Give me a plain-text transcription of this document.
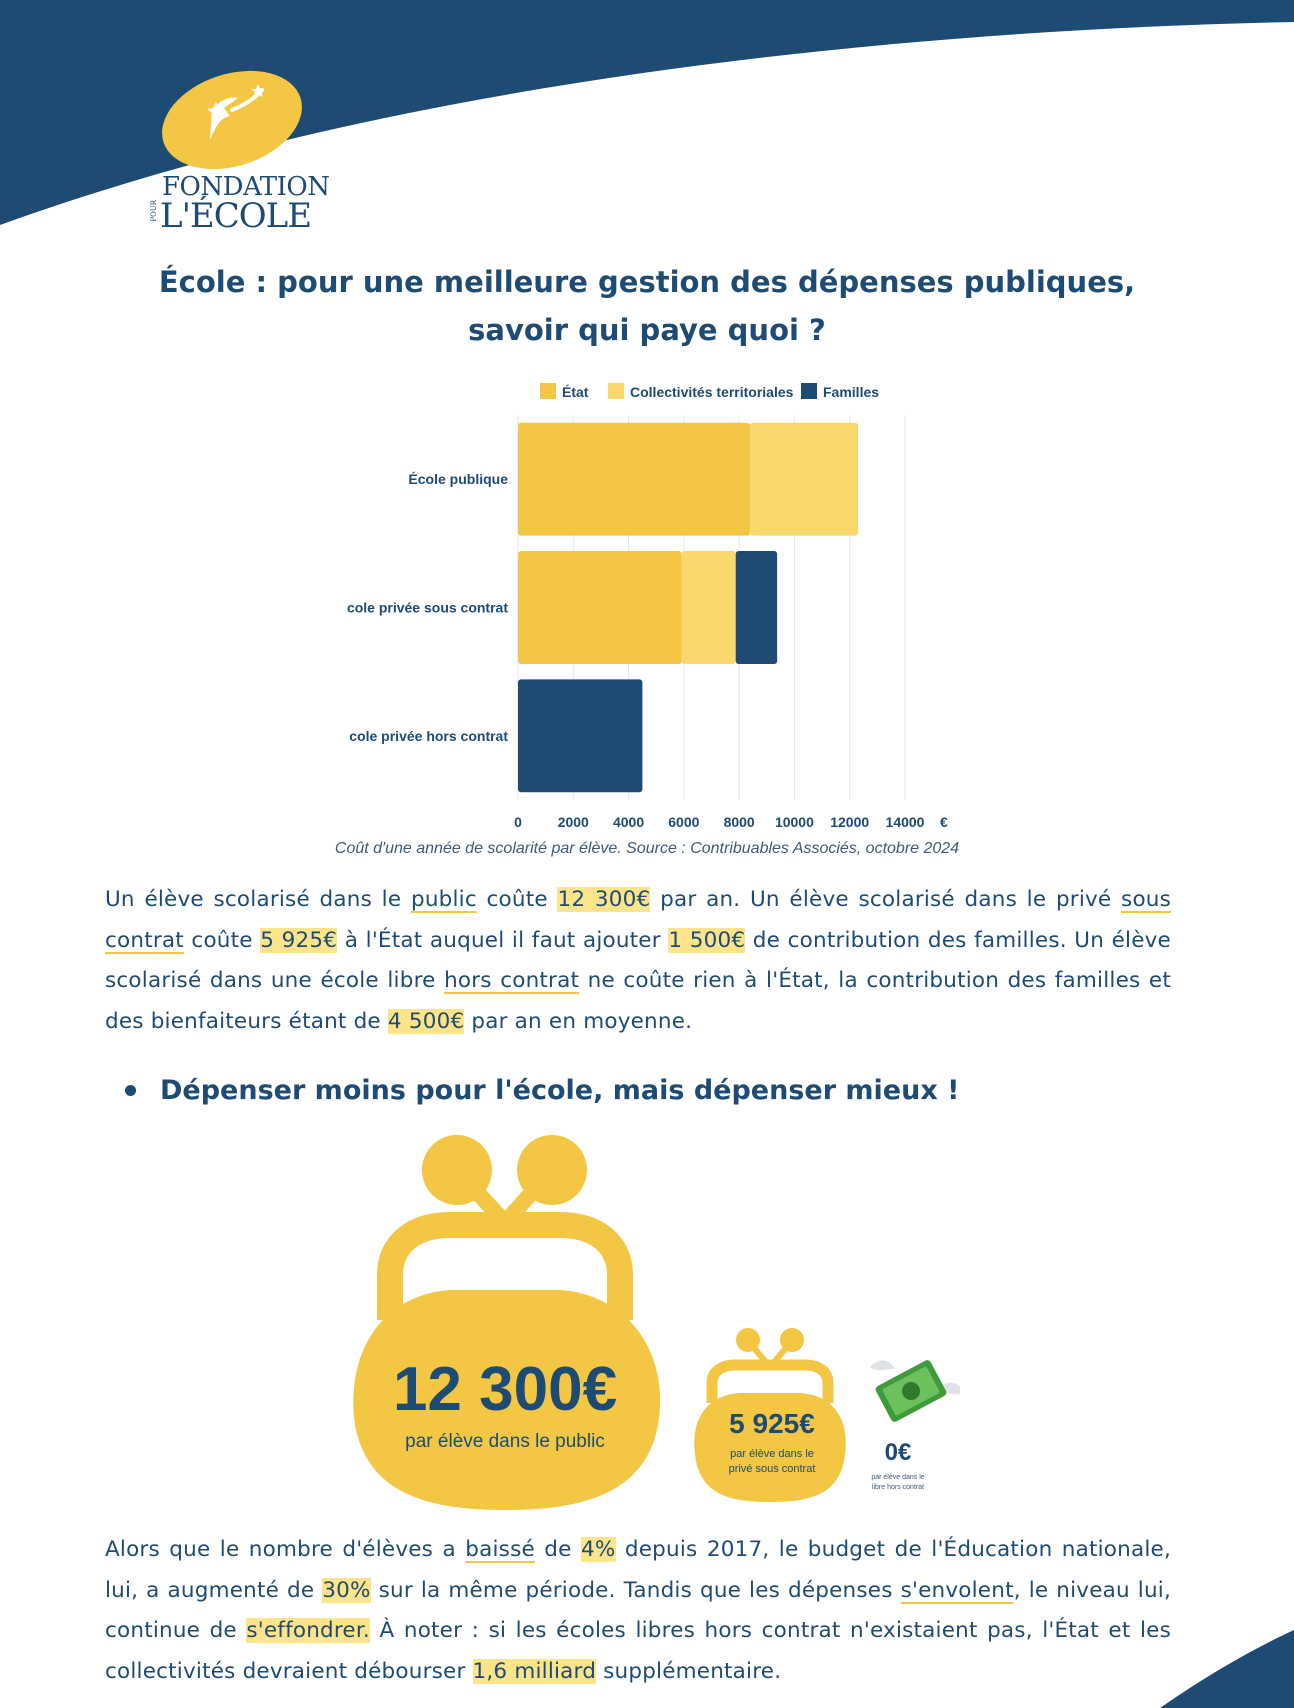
FONDATION
POUR L'ÉCOLE
École : pour une meilleure gestion des dépenses publiques,
savoir qui paye quoi ?
0	2000 4000 6000 8000 10000 12000 14000 €
École publique
cole privée sous contrat
cole privée hors contrat
État	Collectivités territoriales Familles
Coût d'une année de scolarité par élève. Source : Contribuables Associés, octobre 2024

Un élève scolarisé dans le public coûte 12 300€ par an. Un élève scolarisé dans le privé sous contrat coûte 5 925€ à l'État auquel il faut ajouter 1 500€ de contribution des familles. Un élève scolarisé dans une école libre hors contrat ne coûte rien à l'État, la contribution des familles et des bienfaiteurs étant de 4 500€ par an en moyenne.

Dépenser moins pour l'école, mais dépenser mieux !
12 300€
par élève dans le public
5 925€
par élève dans le
privé sous contrat
0€
par élève dans le
libre hors contrat

Alors que le nombre d'élèves a baissé de 4% depuis 2017, le budget de l'Éducation nationale, lui, a augmenté de 30% sur la même période. Tandis que les dépenses s'envolent, le niveau lui, continue de s'effondrer. À noter : si les écoles libres hors contrat n'existaient pas, l'État et les collectivités devraient débourser 1,6 milliard supplémentaire.
